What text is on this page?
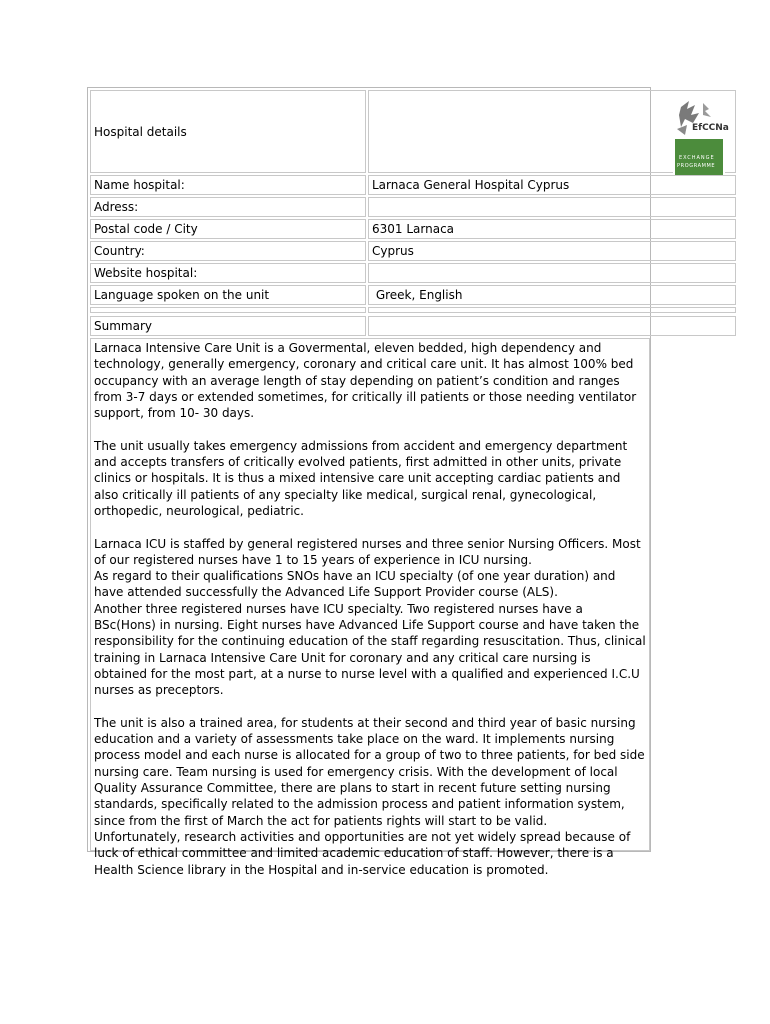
Hospital details	EfCCNa
EXCHANGE
PROGRAMME
Name hospital:	Larnaca General Hospital Cyprus
Adress:
Postal code / City	6301 Larnaca
Country:	Cyprus
Website hospital:
Language spoken on the unit	Greek, English
Summary

Larnaca Intensive Care Unit is a Govermental, eleven bedded, high dependency and technology, generally emergency, coronary and critical care unit. It has almost 100% bed occupancy with an average length of stay depending on patient’s condition and ranges from 3-7 days or extended sometimes, for critically ill patients or those needing ventilator support, from 10- 30 days.

The unit usually takes emergency admissions from accident and emergency department and accepts transfers of critically evolved patients, first admitted in other units, private clinics or hospitals. It is thus a mixed intensive care unit accepting cardiac patients and also critically ill patients of any specialty like medical, surgical renal, gynecological, orthopedic, neurological, pediatric.

Larnaca ICU is staffed by general registered nurses and three senior Nursing Officers. Most of our registered nurses have 1 to 15 years of experience in ICU nursing.
As regard to their qualifications SNOs have an ICU specialty (of one year duration) and have attended successfully the Advanced Life Support Provider course (ALS).
Another three registered nurses have ICU specialty. Two registered nurses have a BSc(Hons) in nursing. Eight nurses have Advanced Life Support course and have taken the responsibility for the continuing education of the staff regarding resuscitation. Thus, clinical training in Larnaca Intensive Care Unit for coronary and any critical care nursing is obtained for the most part, at a nurse to nurse level with a qualified and experienced I.C.U nurses as preceptors.

The unit is also a trained area, for students at their second and third year of basic nursing education and a variety of assessments take place on the ward. It implements nursing process model and each nurse is allocated for a group of two to three patients, for bed side nursing care. Team nursing is used for emergency crisis. With the development of local Quality Assurance Committee, there are plans to start in recent future setting nursing standards, specifically related to the admission process and patient information system, since from the first of March the act for patients rights will start to be valid.
Unfortunately, research activities and opportunities are not yet widely spread because of luck of ethical committee and limited academic education of staff. However, there is a Health Science library in the Hospital and in-service education is promoted.
